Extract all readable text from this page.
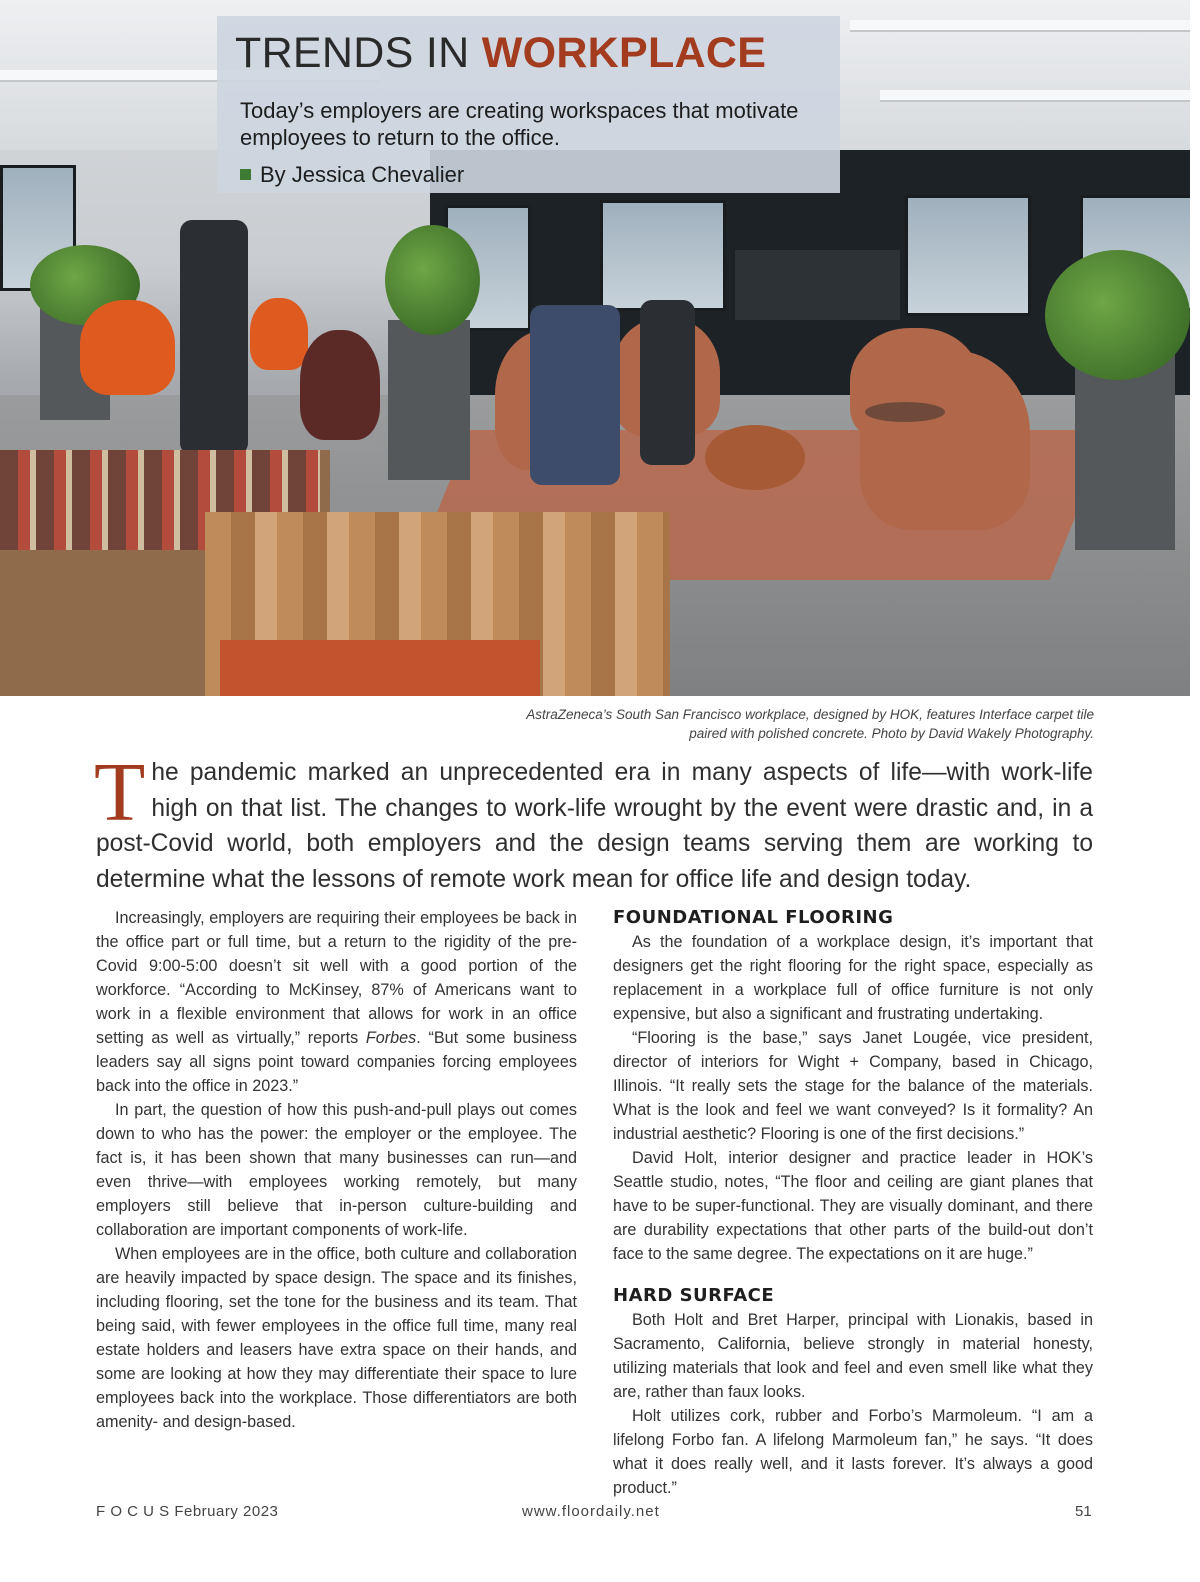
TRENDS IN WORKPLACE

Today’s employers are creating workspaces that motivate employees to return to the office.

By Jessica Chevalier

AstraZeneca’s South San Francisco workplace, designed by HOK, features Interface carpet tile paired with polished concrete. Photo by David Wakely Photography.

The pandemic marked an unprecedented era in many aspects of life—with work-life high on that list. The changes to work-life wrought by the event were drastic and, in a post-Covid world, both employers and the design teams serving them are working to determine what the lessons of remote work mean for office life and design today.

Increasingly, employers are requiring their employees be back in the office part or full time, but a return to the rigidity of the pre-Covid 9:00-5:00 doesn’t sit well with a good portion of the workforce. “According to McKinsey, 87% of Americans want to work in a flexible environment that allows for work in an office setting as well as virtually,” reports Forbes. “But some business leaders say all signs point toward companies forcing employees back into the office in 2023.”

In part, the question of how this push-and-pull plays out comes down to who has the power: the employer or the employee. The fact is, it has been shown that many businesses can run—and even thrive—with employees working remotely, but many employers still believe that in-person culture-building and collaboration are important components of work-life.

When employees are in the office, both culture and collaboration are heavily impacted by space design. The space and its finishes, including flooring, set the tone for the business and its team. That being said, with fewer employees in the office full time, many real estate holders and leasers have extra space on their hands, and some are looking at how they may differentiate their space to lure employees back into the workplace. Those differentiators are both amenity- and design-based.

FOUNDATIONAL FLOORING

As the foundation of a workplace design, it’s important that designers get the right flooring for the right space, especially as replacement in a workplace full of office furniture is not only expensive, but also a significant and frustrating undertaking.

“Flooring is the base,” says Janet Lougée, vice president, director of interiors for Wight + Company, based in Chicago, Illinois. “It really sets the stage for the balance of the materials. What is the look and feel we want conveyed? Is it formality? An industrial aesthetic? Flooring is one of the first decisions.”

David Holt, interior designer and practice leader in HOK’s Seattle studio, notes, “The floor and ceiling are giant planes that have to be super-functional. They are visually dominant, and there are durability expectations that other parts of the build-out don’t face to the same degree. The expectations on it are huge.”

HARD SURFACE

Both Holt and Bret Harper, principal with Lionakis, based in Sacramento, California, believe strongly in material honesty, utilizing materials that look and feel and even smell like what they are, rather than faux looks.

Holt utilizes cork, rubber and Forbo’s Marmoleum. “I am a lifelong Forbo fan. A lifelong Marmoleum fan,” he says. “It does what it does really well, and it lasts forever. It’s always a good product.”

F O C U S February 2023	www.floordaily.net	51
